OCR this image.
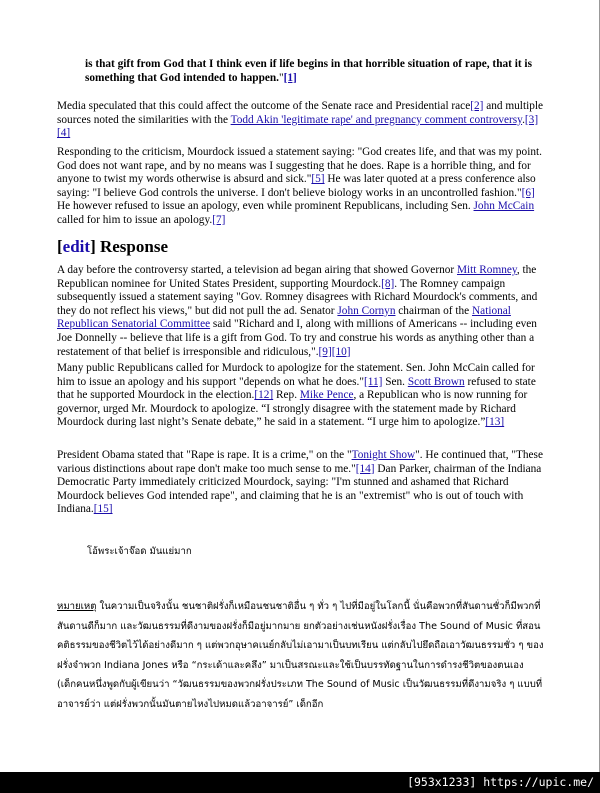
is that gift from God that I think even if life begins in that horrible situation of rape, that it is something that God intended to happen."[1]

Media speculated that this could affect the outcome of the Senate race and Presidential race[2] and multiple sources noted the similarities with the Todd Akin 'legitimate rape' and pregnancy comment controversy.[3][4]

Responding to the criticism, Mourdock issued a statement saying: "God creates life, and that was my point. God does not want rape, and by no means was I suggesting that he does. Rape is a horrible thing, and for anyone to twist my words otherwise is absurd and sick."[5] He was later quoted at a press conference also saying: "I believe God controls the universe. I don't believe biology works in an uncontrolled fashion."[6] He however refused to issue an apology, even while prominent Republicans, including Sen. John McCain called for him to issue an apology.[7]

[edit] Response

A day before the controversy started, a television ad began airing that showed Governor Mitt Romney, the Republican nominee for United States President, supporting Mourdock.[8]. The Romney campaign subsequently issued a statement saying "Gov. Romney disagrees with Richard Mourdock's comments, and they do not reflect his views," but did not pull the ad. Senator John Cornyn chairman of the National Republican Senatorial Committee said "Richard and I, along with millions of Americans -- including even Joe Donnelly -- believe that life is a gift from God. To try and construe his words as anything other than a restatement of that belief is irresponsible and ridiculous,".[9][10]

Many public Republicans called for Murdock to apologize for the statement. Sen. John McCain called for him to issue an apology and his support "depends on what he does."[11] Sen. Scott Brown refused to state that he supported Mourdock in the election.[12] Rep. Mike Pence, a Republican who is now running for governor, urged Mr. Mourdock to apologize. “I strongly disagree with the statement made by Richard Mourdock during last night’s Senate debate,” he said in a statement. “I urge him to apologize.”[13]

President Obama stated that "Rape is rape. It is a crime," on the "Tonight Show". He continued that, "These various distinctions about rape don't make too much sense to me."[14] Dan Parker, chairman of the Indiana Democratic Party immediately criticized Mourdock, saying: "I'm stunned and ashamed that Richard Mourdock believes God intended rape", and claiming that he is an "extremist" who is out of touch with Indiana.[15]

โอ้พระเจ้าจ๊อด มันแย่มาก

หมายเหตุ ในความเป็นจริงนั้น ชนชาติฝรั่งก็เหมือนชนชาติอื่น ๆ ทั่ว ๆ ไปที่มีอยู่ในโลกนี้ นั่นคือพวกที่สันดานชั่วก็มีพวกที่สันดานดีก็มาก และวัฒนธรรมที่ดีงามของฝรั่งก็มีอยู่มากมาย ยกตัวอย่างเช่นหนังฝรั่งเรื่อง The Sound of Music ที่สอนคติธรรมของชีวิตไว้ได้อย่างดีมาก ๆ แต่พวกอุษาคเนย์กลับไม่เอามาเป็นบทเรียน แต่กลับไปยึดถือเอาวัฒนธรรมชั่ว ๆ ของฝรั่งจำพวก Indiana Jones หรือ “กระเด้าและคลึง” มาเป็นสรณะและใช้เป็นบรรทัดฐานในการดำรงชีวิตของตนเอง (เด็กคนหนึ่งพูดกับผู้เขียนว่า “วัฒนธรรมของพวกฝรั่งประเภท The Sound of Music เป็นวัฒนธรรมที่ดีงามจริง ๆ แบบที่อาจารย์ว่า แต่ฝรั่งพวกนั้นมันตายไหงไปหมดแล้วอาจารย์” เด็กอีก

[953x1233] https://upic.me/
